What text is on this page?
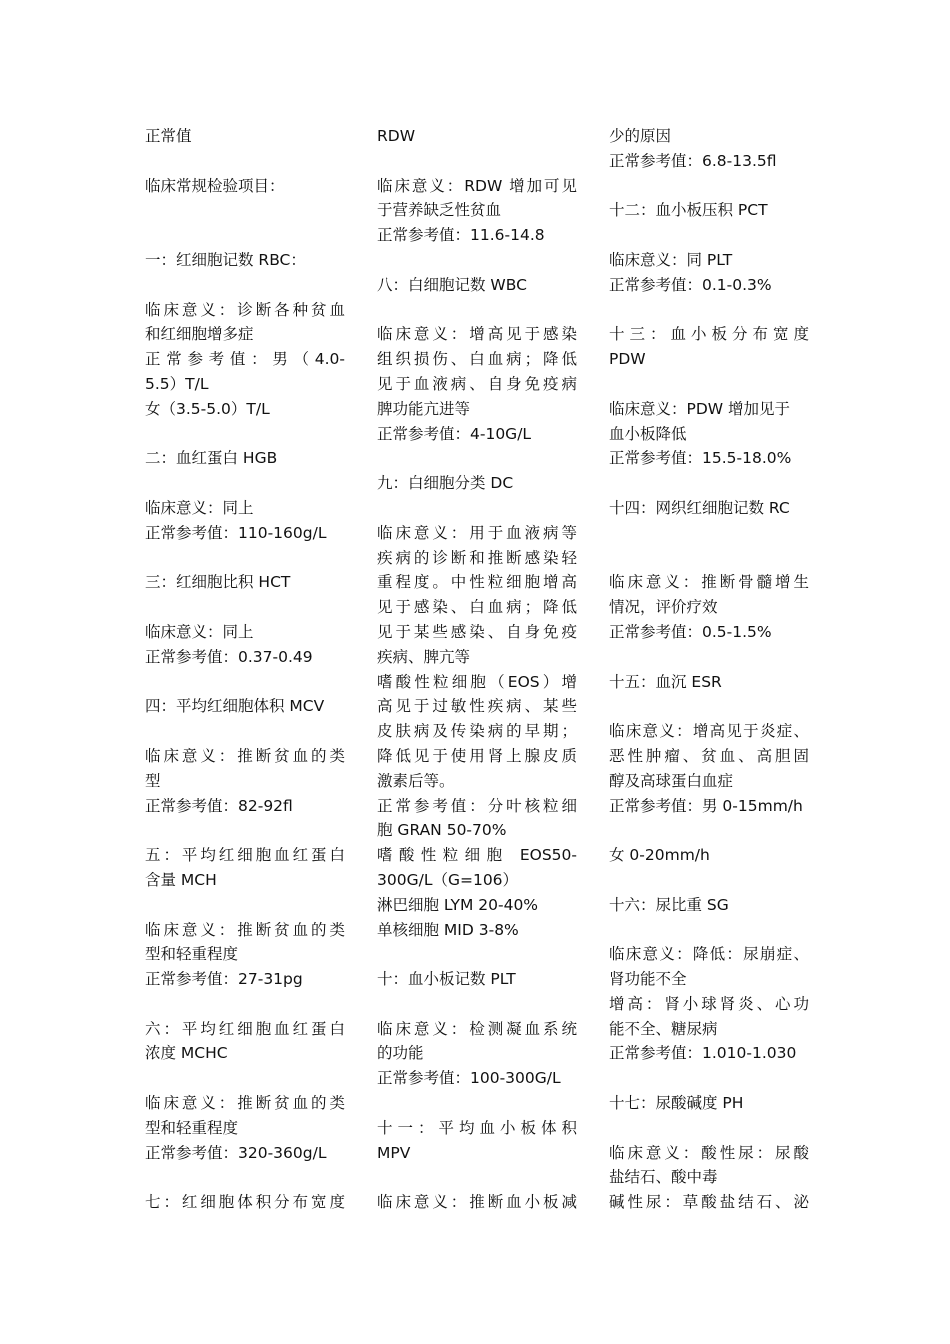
正常值
临床常规检验项目：
一：红细胞记数 RBC：
临床意义：诊断各种贫血
和红细胞增多症
正常参考值：男（4.0-
5.5）T/L
女（3.5-5.0）T/L
二：血红蛋白 HGB
临床意义：同上
正常参考值：110-160g/L
三：红细胞比积 HCT
临床意义：同上
正常参考值：0.37-0.49
四：平均红细胞体积 MCV
临床意义：推断贫血的类
型
正常参考值：82-92fl
五：平均红细胞血红蛋白
含量 MCH
临床意义：推断贫血的类
型和轻重程度
正常参考值：27-31pg
六：平均红细胞血红蛋白
浓度 MCHC
临床意义：推断贫血的类
型和轻重程度
正常参考值：320-360g/L
七：红细胞体积分布宽度
RDW
临床意义：RDW 增加可见
于营养缺乏性贫血
正常参考值：11.6-14.8
八：白细胞记数 WBC
临床意义：增高见于感染
组织损伤、白血病；降低
见于血液病、自身免疫病
脾功能亢进等
正常参考值：4-10G/L
九：白细胞分类 DC
临床意义：用于血液病等
疾病的诊断和推断感染轻
重程度。中性粒细胞增高
见于感染、白血病；降低
见于某些感染、自身免疫
疾病、脾亢等
嗜酸性粒细胞（EOS）增
高见于过敏性疾病、某些
皮肤病及传染病的早期；
降低见于使用肾上腺皮质
激素后等。
正常参考值：分叶核粒细
胞 GRAN 50-70%
嗜酸性粒细胞 EOS50-
300G/L（G=106）
淋巴细胞 LYM 20-40%
单核细胞 MID 3-8%
十：血小板记数 PLT
临床意义：检测凝血系统
的功能
正常参考值：100-300G/L
十一：平均血小板体积
MPV
临床意义：推断血小板减
少的原因
正常参考值：6.8-13.5fl
十二：血小板压积 PCT
临床意义：同 PLT
正常参考值：0.1-0.3%
十三：血小板分布宽度
PDW
临床意义：PDW 增加见于
血小板降低
正常参考值：15.5-18.0%
十四：网织红细胞记数 RC
临床意义：推断骨髓增生
情况，评价疗效
正常参考值：0.5-1.5%
十五：血沉 ESR
临床意义：增高见于炎症、
恶性肿瘤、贫血、高胆固
醇及高球蛋白血症
正常参考值：男 0-15mm/h
女 0-20mm/h
十六：尿比重 SG
临床意义：降低：尿崩症、
肾功能不全
增高：肾小球肾炎、心功
能不全、糖尿病
正常参考值：1.010-1.030
十七：尿酸碱度 PH
临床意义：酸性尿：尿酸
盐结石、酸中毒
碱性尿：草酸盐结石、泌
